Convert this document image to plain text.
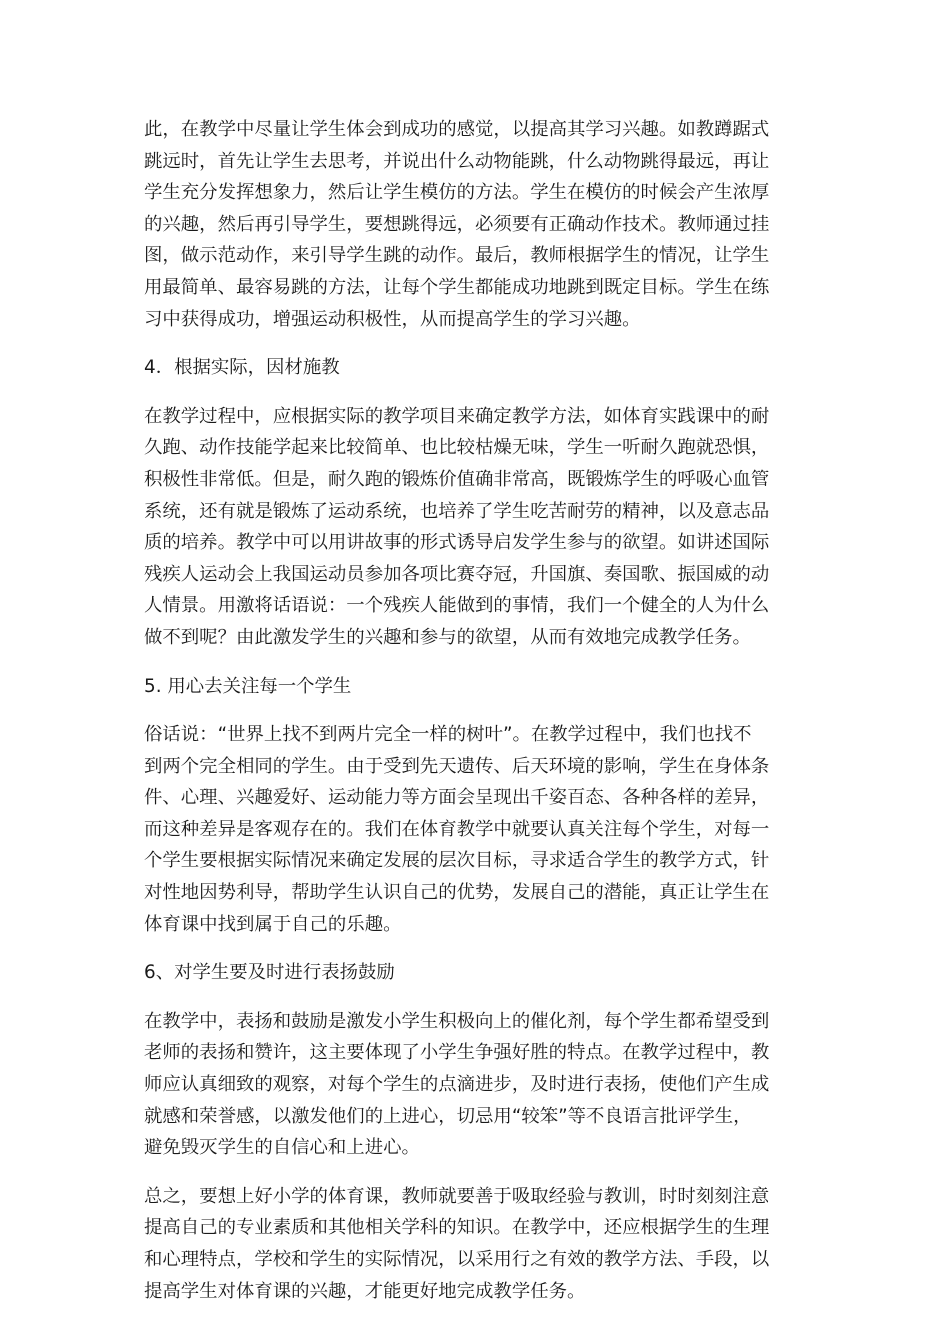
此，在教学中尽量让学生体会到成功的感觉，以提高其学习兴趣。如教蹲踞式
跳远时，首先让学生去思考，并说出什么动物能跳，什么动物跳得最远，再让
学生充分发挥想象力，然后让学生模仿的方法。学生在模仿的时候会产生浓厚
的兴趣，然后再引导学生，要想跳得远，必须要有正确动作技术。教师通过挂
图，做示范动作，来引导学生跳的动作。最后，教师根据学生的情况，让学生
用最简单、最容易跳的方法，让每个学生都能成功地跳到既定目标。学生在练
习中获得成功，增强运动积极性，从而提高学生的学习兴趣。
4．根据实际，因材施教
在教学过程中，应根据实际的教学项目来确定教学方法，如体育实践课中的耐
久跑、动作技能学起来比较简单、也比较枯燥无味，学生一听耐久跑就恐惧，
积极性非常低。但是，耐久跑的锻炼价值确非常高，既锻炼学生的呼吸心血管
系统，还有就是锻炼了运动系统，也培养了学生吃苦耐劳的精神，以及意志品
质的培养。教学中可以用讲故事的形式诱导启发学生参与的欲望。如讲述国际
残疾人运动会上我国运动员参加各项比赛夺冠，升国旗、奏国歌、振国威的动
人情景。用激将话语说：一个残疾人能做到的事情，我们一个健全的人为什么
做不到呢？由此激发学生的兴趣和参与的欲望，从而有效地完成教学任务。
5. 用心去关注每一个学生
俗话说：“世界上找不到两片完全一样的树叶”。在教学过程中，我们也找不
到两个完全相同的学生。由于受到先天遗传、后天环境的影响，学生在身体条
件、心理、兴趣爱好、运动能力等方面会呈现出千姿百态、各种各样的差异，
而这种差异是客观存在的。我们在体育教学中就要认真关注每个学生，对每一
个学生要根据实际情况来确定发展的层次目标，寻求适合学生的教学方式，针
对性地因势利导，帮助学生认识自己的优势，发展自己的潜能，真正让学生在
体育课中找到属于自己的乐趣。
6、对学生要及时进行表扬鼓励
在教学中，表扬和鼓励是激发小学生积极向上的催化剂，每个学生都希望受到
老师的表扬和赞许，这主要体现了小学生争强好胜的特点。在教学过程中，教
师应认真细致的观察，对每个学生的点滴进步，及时进行表扬，使他们产生成
就感和荣誉感，以激发他们的上进心，切忌用“较笨”等不良语言批评学生，
避免毁灭学生的自信心和上进心。
总之，要想上好小学的体育课，教师就要善于吸取经验与教训，时时刻刻注意
提高自己的专业素质和其他相关学科的知识。在教学中，还应根据学生的生理
和心理特点，学校和学生的实际情况，以采用行之有效的教学方法、手段，以
提高学生对体育课的兴趣，才能更好地完成教学任务。
